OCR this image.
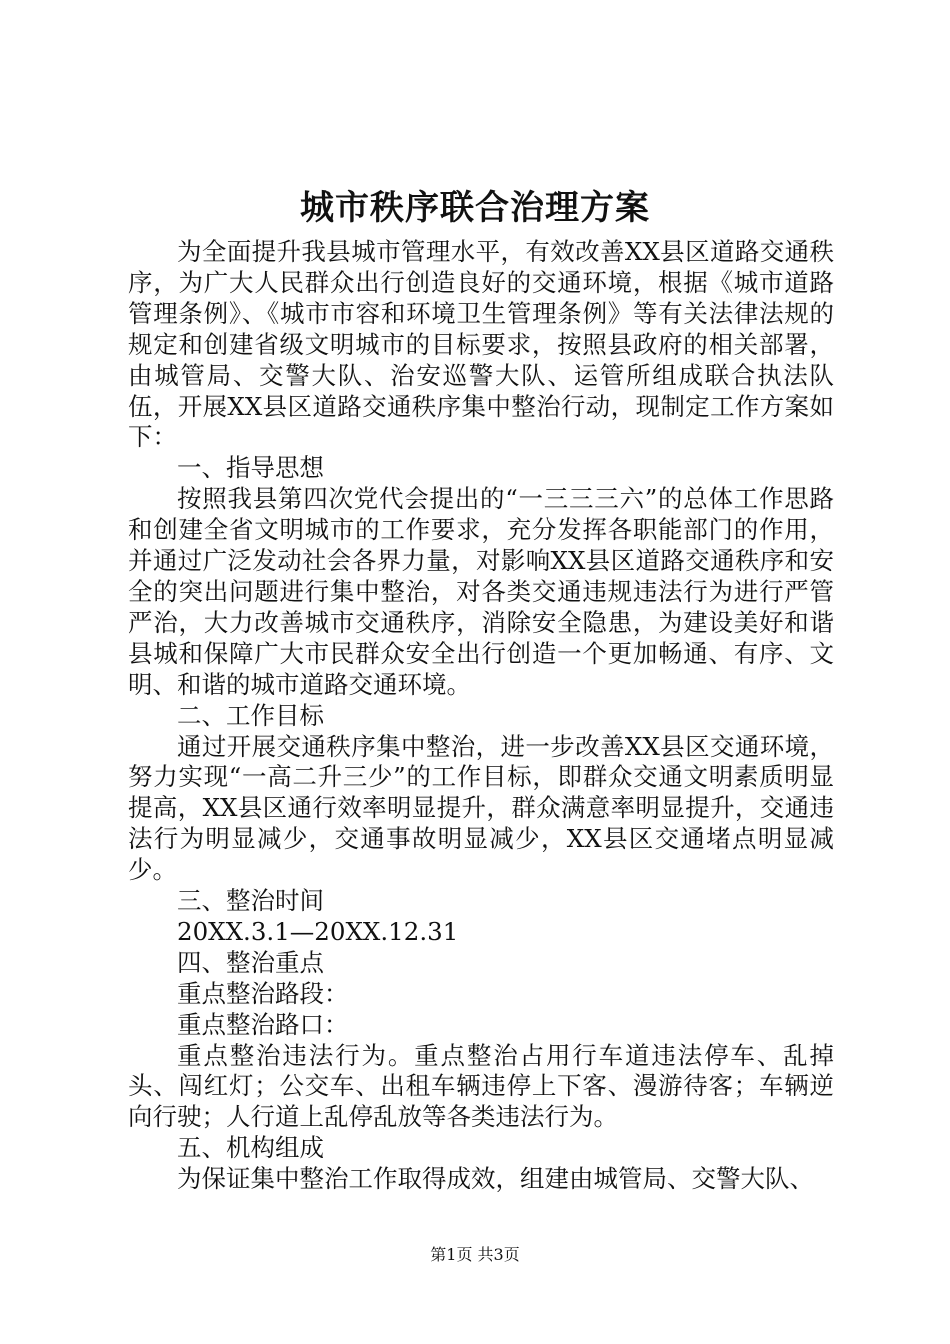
城市秩序联合治理方案

为全面提升我县城市管理水平，有效改善XX县区道路交通秩序，为广大人民群众出行创造良好的交通环境，根据《城市道路管理条例》、《城市市容和环境卫生管理条例》等有关法律法规的规定和创建省级文明城市的目标要求，按照县政府的相关部署，由城管局、交警大队、治安巡警大队、运管所组成联合执法队伍，开展XX县区道路交通秩序集中整治行动，现制定工作方案如下：

一、指导思想

按照我县第四次党代会提出的“一三三三六”的总体工作思路和创建全省文明城市的工作要求，充分发挥各职能部门的作用，并通过广泛发动社会各界力量，对影响XX县区道路交通秩序和安全的突出问题进行集中整治，对各类交通违规违法行为进行严管严治，大力改善城市交通秩序，消除安全隐患，为建设美好和谐县城和保障广大市民群众安全出行创造一个更加畅通、有序、文明、和谐的城市道路交通环境。

二、工作目标

通过开展交通秩序集中整治，进一步改善XX县区交通环境，努力实现“一高二升三少”的工作目标，即群众交通文明素质明显提高，XX县区通行效率明显提升，群众满意率明显提升，交通违法行为明显减少，交通事故明显减少，XX县区交通堵点明显减少。

三、整治时间

20XX.3.1—20XX.12.31

四、整治重点

重点整治路段：

重点整治路口：

重点整治违法行为。重点整治占用行车道违法停车、乱掉头、闯红灯；公交车、出租车辆违停上下客、漫游待客；车辆逆向行驶；人行道上乱停乱放等各类违法行为。

五、机构组成

为保证集中整治工作取得成效，组建由城管局、交警大队、

第1页 共3页
